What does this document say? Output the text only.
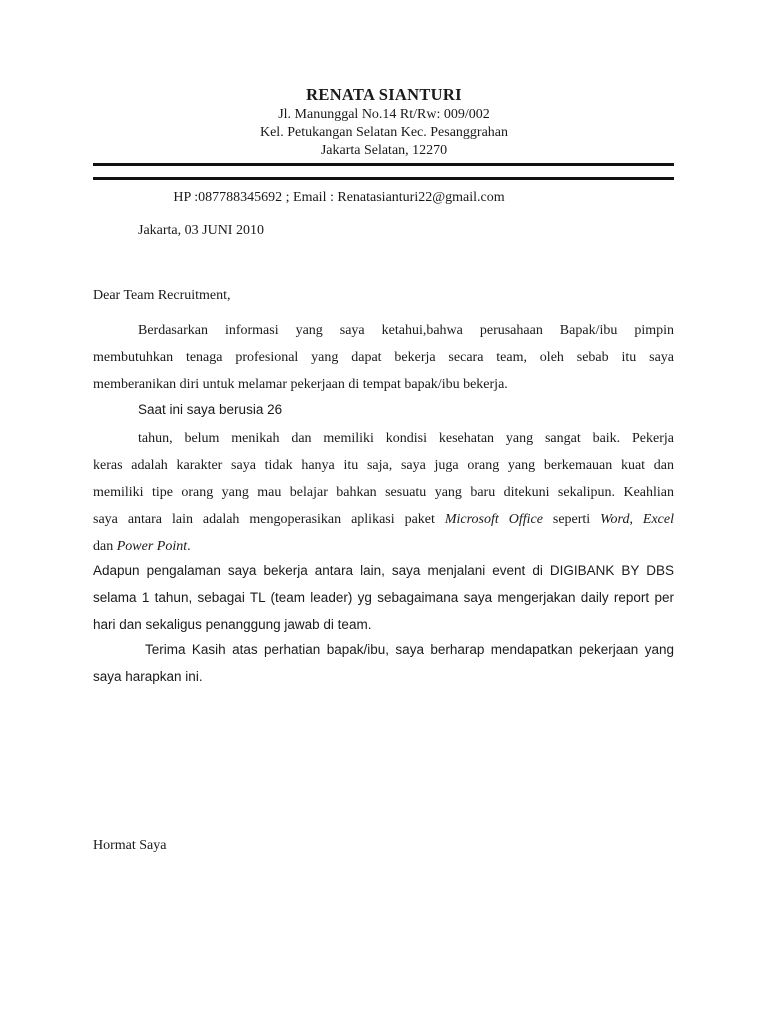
RENATA SIANTURI
Jl. Manunggal No.14 Rt/Rw: 009/002
Kel. Petukangan Selatan Kec. Pesanggrahan
Jakarta Selatan, 12270
HP :087788345692 ; Email : Renatasianturi22@gmail.com
Jakarta, 03 JUNI 2010
Dear Team Recruitment,
Berdasarkan informasi yang saya ketahui,bahwa perusahaan Bapak/ibu pimpin
membutuhkan tenaga profesional yang dapat bekerja secara team, oleh sebab itu saya
memberanikan diri untuk melamar pekerjaan di tempat bapak/ibu bekerja.
Saat ini saya berusia 26
tahun, belum menikah dan memiliki kondisi kesehatan yang sangat baik. Pekerja
keras adalah karakter saya tidak hanya itu saja, saya juga orang yang berkemauan kuat dan
memiliki tipe orang yang mau belajar bahkan sesuatu yang baru ditekuni sekalipun. Keahlian
saya antara lain adalah mengoperasikan aplikasi paket Microsoft Office seperti Word, Excel
dan Power Point.
Adapun pengalaman saya bekerja antara lain, saya menjalani event di DIGIBANK BY DBS
selama 1 tahun, sebagai TL (team leader) yg sebagaimana saya mengerjakan daily report per
hari dan sekaligus penanggung jawab di team.
Terima Kasih atas perhatian bapak/ibu, saya berharap mendapatkan pekerjaan yang
saya harapkan ini.
Hormat Saya
